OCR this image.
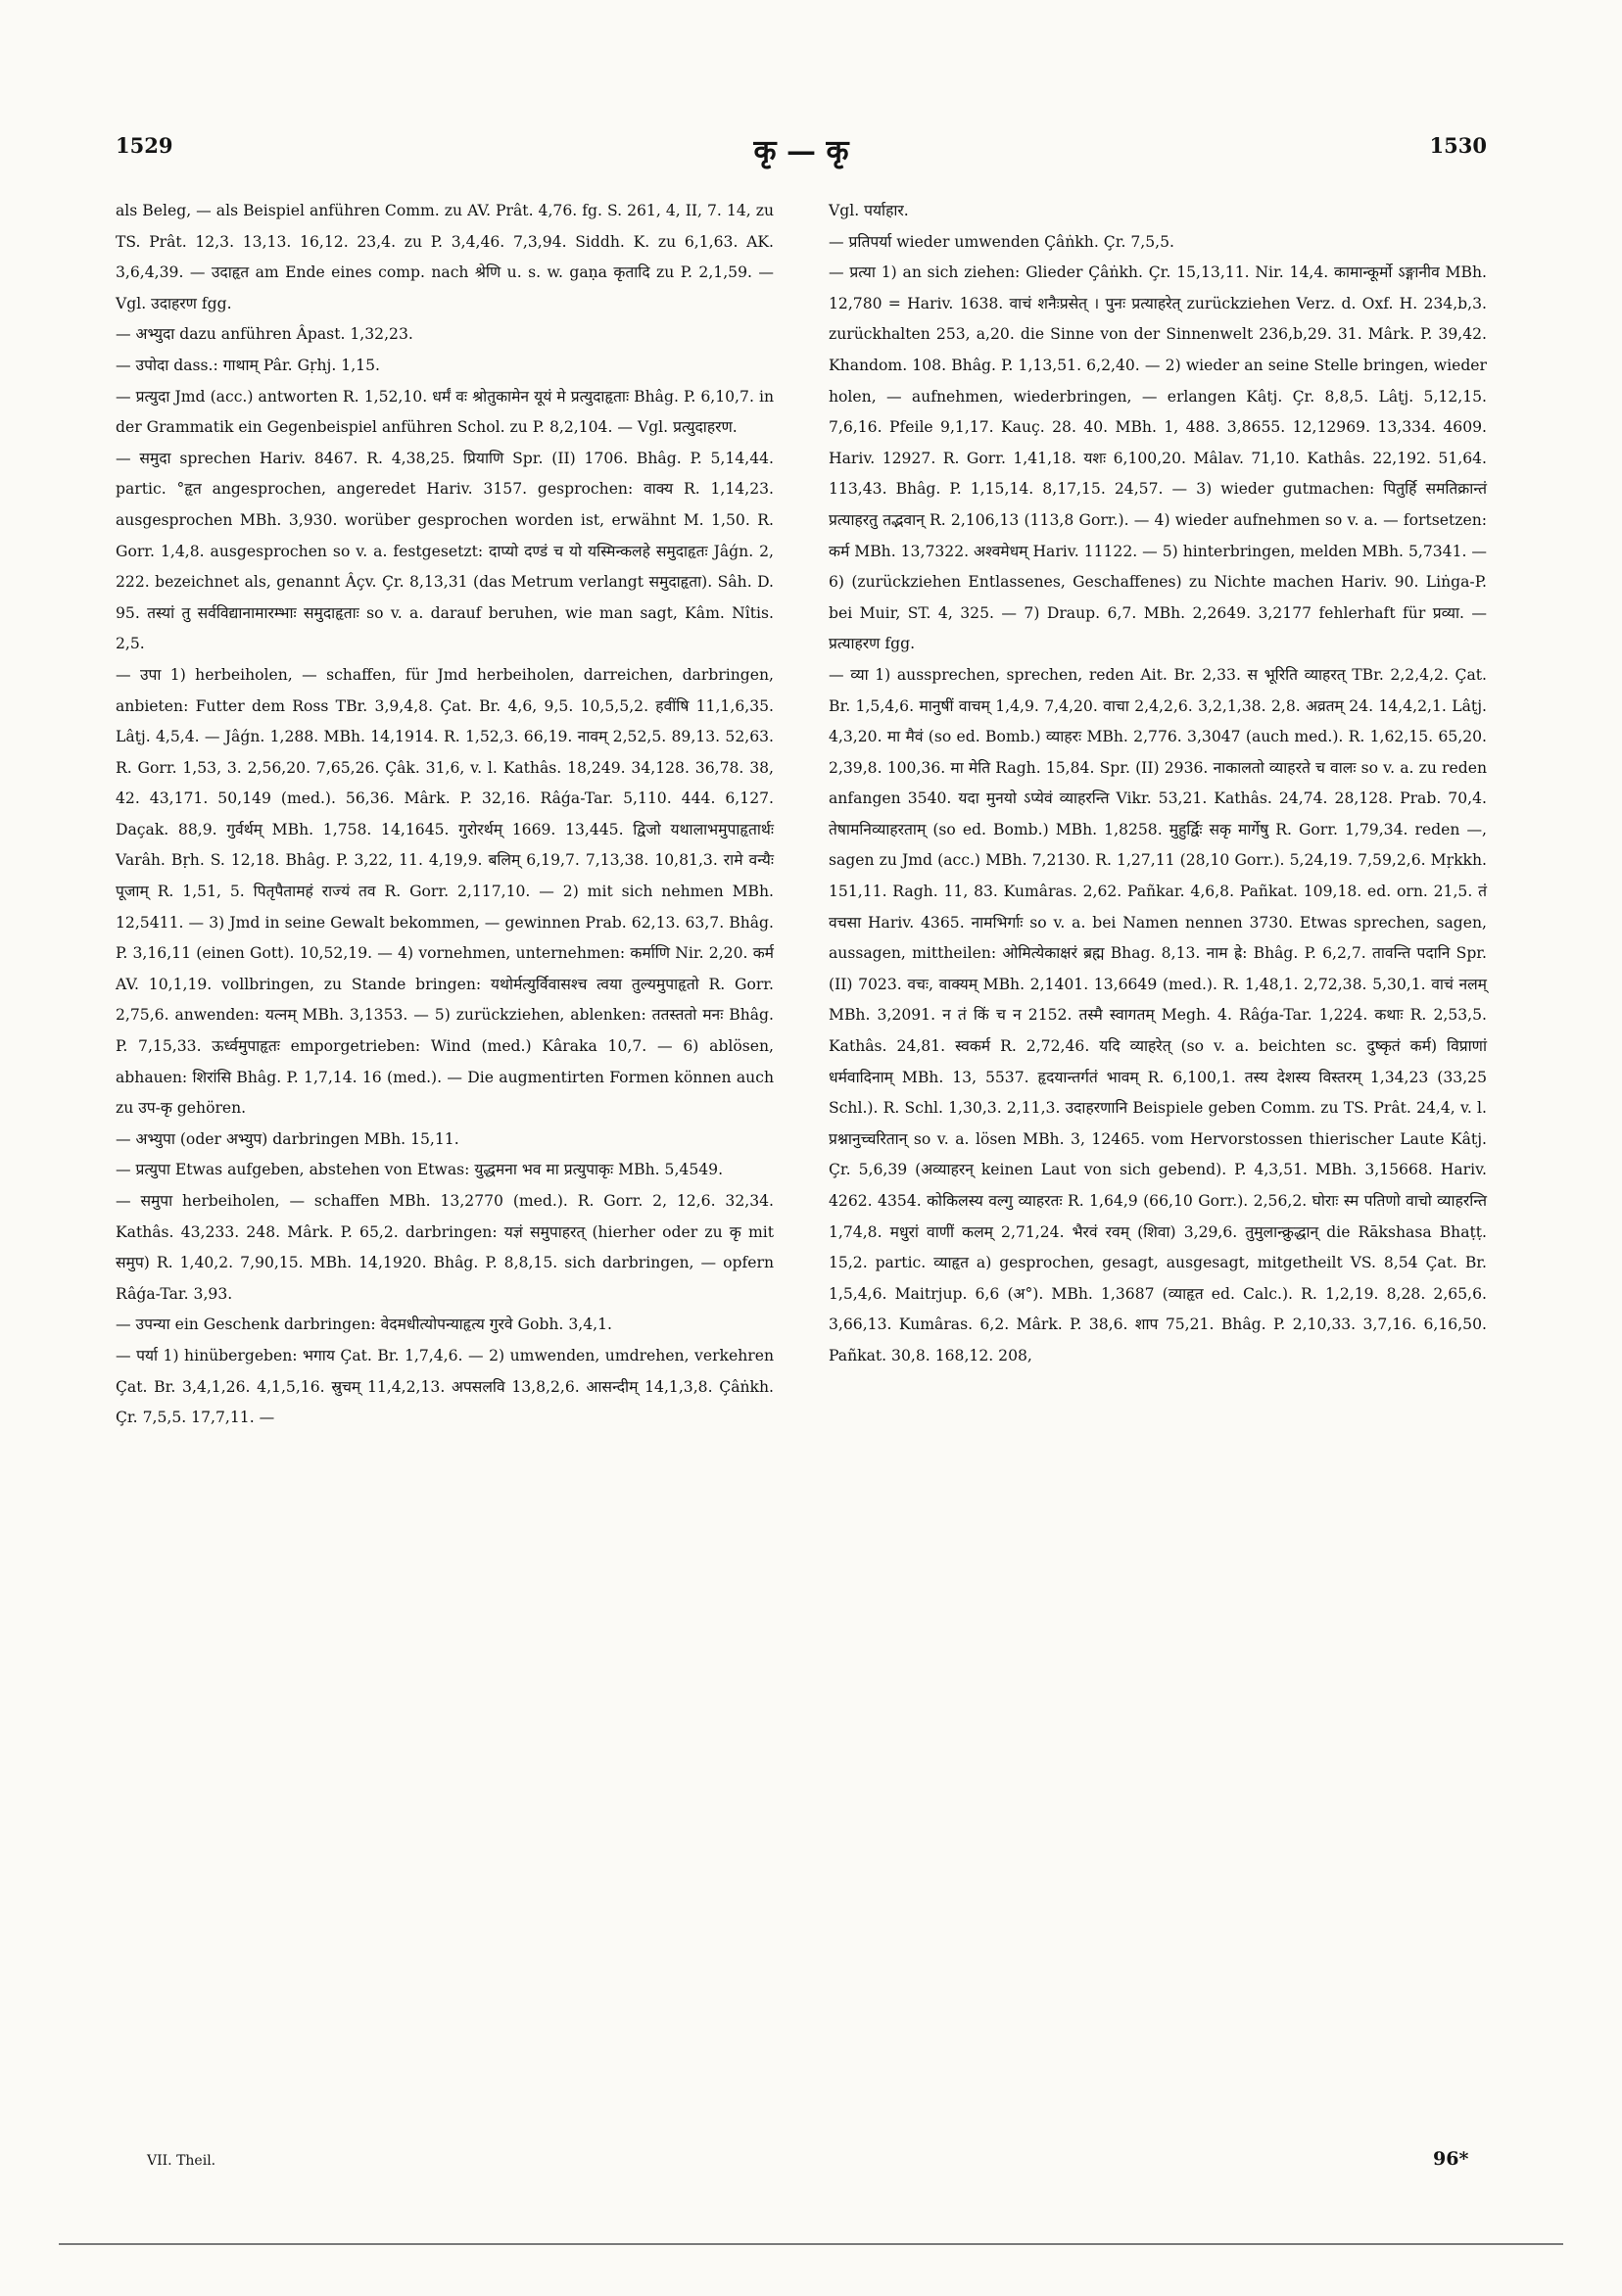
1529	कृ — कृ	1530

als Beleg, — als Beispiel anführen Comm. zu AV. Prât. 4,76. fg. S. 261, 4, II, 7. 14, zu TS. Prât. 12,3. 13,13. 16,12. 23,4. zu P. 3,4,46. 7,3,94. Siddh. K. zu 6,1,63. AK. 3,6,4,39. — उदाहृत am Ende eines comp. nach श्रेणि u. s. w. gaṇa कृतादि zu P. 2,1,59. — Vgl. उदाहरण fgg.

— अभ्युदा dazu anführen Âpast. 1,32,23.

— उपोदा dass.: गाथाम् Pâr. Gṛhj. 1,15.

— प्रत्युदा Jmd (acc.) antworten R. 1,52,10. धर्मं वः श्रोतुकामेन यूयं मे प्रत्युदाहृताः Bhâg. P. 6,10,7. in der Grammatik ein Gegenbeispiel anführen Schol. zu P. 8,2,104. — Vgl. प्रत्युदाहरण.

— समुदा sprechen Hariv. 8467. R. 4,38,25. प्रियाणि Spr. (II) 1706. Bhâg. P. 5,14,44. partic. °हृत angesprochen, angeredet Hariv. 3157. gesprochen: वाक्य R. 1,14,23. ausgesprochen MBh. 3,930. worüber gesprochen worden ist, erwähnt M. 1,50. R. Gorr. 1,4,8. ausgesprochen so v. a. festgesetzt: दाप्यो दण्डं च यो यस्मिन्कलहे समुदाहृतः Jâǵn. 2, 222. bezeichnet als, genannt Âçv. Çr. 8,13,31 (das Metrum verlangt समुदाहृता). Sâh. D. 95. तस्यां तु सर्वविद्यानामारम्भाः समुदाहृताः so v. a. darauf beruhen, wie man sagt, Kâm. Nîtis. 2,5.

— उपा 1) herbeiholen, — schaffen, für Jmd herbeiholen, darreichen, darbringen, anbieten: Futter dem Ross TBr. 3,9,4,8. Çat. Br. 4,6, 9,5. 10,5,5,2. हवींषि 11,1,6,35. Lâṭj. 4,5,4. — Jâǵn. 1,288. MBh. 14,1914. R. 1,52,3. 66,19. नावम् 2,52,5. 89,13. 52,63. R. Gorr. 1,53, 3. 2,56,20. 7,65,26. Çâk. 31,6, v. l. Kathâs. 18,249. 34,128. 36,78. 38, 42. 43,171. 50,149 (med.). 56,36. Mârk. P. 32,16. Râǵa-Tar. 5,110. 444. 6,127. Daçak. 88,9. गुर्वर्थम् MBh. 1,758. 14,1645. गुरोरर्थम् 1669. 13,445. द्विजो यथालाभमुपाहृतार्थः Varâh. Bṛh. S. 12,18. Bhâg. P. 3,22, 11. 4,19,9. बलिम् 6,19,7. 7,13,38. 10,81,3. रामे वन्यैः पूजाम् R. 1,51, 5. पितृपैतामहं राज्यं तव R. Gorr. 2,117,10. — 2) mit sich nehmen MBh. 12,5411. — 3) Jmd in seine Gewalt bekommen, — gewinnen Prab. 62,13. 63,7. Bhâg. P. 3,16,11 (einen Gott). 10,52,19. — 4) vornehmen, unternehmen: कर्माणि Nir. 2,20. कर्म AV. 10,1,19. vollbringen, zu Stande bringen: यथोर्मत्युर्विवासश्च त्वया तुल्यमुपाहृतो R. Gorr. 2,75,6. anwenden: यत्नम् MBh. 3,1353. — 5) zurückziehen, ablenken: ततस्ततो मनः Bhâg. P. 7,15,33. ऊर्ध्वमुपाहृतः emporgetrieben: Wind (med.) Kâraka 10,7. — 6) ablösen, abhauen: शिरांसि Bhâg. P. 1,7,14. 16 (med.). — Die augmentirten Formen können auch zu उप-कृ gehören.

— अभ्युपा (oder अभ्युप) darbringen MBh. 15,11.

— प्रत्युपा Etwas aufgeben, abstehen von Etwas: युद्धमना भव मा प्रत्युपाकृः MBh. 5,4549.

— समुपा herbeiholen, — schaffen MBh. 13,2770 (med.). R. Gorr. 2, 12,6. 32,34. Kathâs. 43,233. 248. Mârk. P. 65,2. darbringen: यज्ञं समुपाहरत् (hierher oder zu कृ mit समुप) R. 1,40,2. 7,90,15. MBh. 14,1920. Bhâg. P. 8,8,15. sich darbringen, — opfern Râǵa-Tar. 3,93.

— उपन्या ein Geschenk darbringen: वेदमधीत्योपन्याहृत्य गुरवे Gobh. 3,4,1.

— पर्या 1) hinübergeben: भगाय Çat. Br. 1,7,4,6. — 2) umwenden, umdrehen, verkehren Çat. Br. 3,4,1,26. 4,1,5,16. स्रुचम् 11,4,2,13. अपसलवि 13,8,2,6. आसन्दीम् 14,1,3,8. Çâṅkh. Çr. 7,5,5. 17,7,11. —

Vgl. पर्याहार.

— प्रतिपर्या wieder umwenden Çâṅkh. Çr. 7,5,5.

— प्रत्या 1) an sich ziehen: Glieder Çâṅkh. Çr. 15,13,11. Nir. 14,4. कामान्कूर्मो ऽङ्गानीव MBh. 12,780 = Hariv. 1638. वाचं शनैःप्रसेत् । पुनः प्रत्याहरेत् zurückziehen Verz. d. Oxf. H. 234,b,3. zurückhalten 253, a,20. die Sinne von der Sinnenwelt 236,b,29. 31. Mârk. P. 39,42. Khandom. 108. Bhâg. P. 1,13,51. 6,2,40. — 2) wieder an seine Stelle bringen, wieder holen, — aufnehmen, wiederbringen, — erlangen Kâtj. Çr. 8,8,5. Lâṭj. 5,12,15. 7,6,16. Pfeile 9,1,17. Kauç. 28. 40. MBh. 1, 488. 3,8655. 12,12969. 13,334. 4609. Hariv. 12927. R. Gorr. 1,41,18. यशः 6,100,20. Mâlav. 71,10. Kathâs. 22,192. 51,64. 113,43. Bhâg. P. 1,15,14. 8,17,15. 24,57. — 3) wieder gutmachen: पितुर्हि समतिक्रान्तं प्रत्याहरतु तद्भवान् R. 2,106,13 (113,8 Gorr.). — 4) wieder aufnehmen so v. a. — fortsetzen: कर्म MBh. 13,7322. अश्वमेधम् Hariv. 11122. — 5) hinterbringen, melden MBh. 5,7341. — 6) (zurückziehen Entlassenes, Geschaffenes) zu Nichte machen Hariv. 90. Liṅga-P. bei Muir, ST. 4, 325. — 7) Draup. 6,7. MBh. 2,2649. 3,2177 fehlerhaft für प्रव्या. — प्रत्याहरण fgg.

— व्या 1) aussprechen, sprechen, reden Ait. Br. 2,33. स भूरिति व्याहरत् TBr. 2,2,4,2. Çat. Br. 1,5,4,6. मानुषीं वाचम् 1,4,9. 7,4,20. वाचा 2,4,2,6. 3,2,1,38. 2,8. अव्रतम् 24. 14,4,2,1. Lâṭj. 4,3,20. मा मैवं (so ed. Bomb.) व्याहरः MBh. 2,776. 3,3047 (auch med.). R. 1,62,15. 65,20. 2,39,8. 100,36. मा मेति Ragh. 15,84. Spr. (II) 2936. नाकालतो व्याहरते च वालः so v. a. zu reden anfangen 3540. यदा मुनयो ऽप्येवं व्याहरन्ति Vikr. 53,21. Kathâs. 24,74. 28,128. Prab. 70,4. तेषामनिव्याहरताम् (so ed. Bomb.) MBh. 1,8258. मुहुर्द्विः सकृ मार्गेषु R. Gorr. 1,79,34. reden —, sagen zu Jmd (acc.) MBh. 7,2130. R. 1,27,11 (28,10 Gorr.). 5,24,19. 7,59,2,6. Mṛkkh. 151,11. Ragh. 11, 83. Kumâras. 2,62. Pañkar. 4,6,8. Pañkat. 109,18. ed. orn. 21,5. तं वचसा Hariv. 4365. नामभिर्गाः so v. a. bei Namen nennen 3730. Etwas sprechen, sagen, aussagen, mittheilen: ओमित्येकाक्षरं ब्रह्म Bhag. 8,13. नाम ह्रे: Bhâg. P. 6,2,7. तावन्ति पदानि Spr. (II) 7023. वचः, वाक्यम् MBh. 2,1401. 13,6649 (med.). R. 1,48,1. 2,72,38. 5,30,1. वाचं नलम् MBh. 3,2091. न तं किं च न 2152. तस्मै स्वागतम् Megh. 4. Râǵa-Tar. 1,224. कथाः R. 2,53,5. Kathâs. 24,81. स्वकर्म R. 2,72,46. यदि व्याहरेत् (so v. a. beichten sc. दुष्कृतं कर्म) विप्राणां धर्मवादिनाम् MBh. 13, 5537. हृदयान्तर्गतं भावम् R. 6,100,1. तस्य देशस्य विस्तरम् 1,34,23 (33,25 Schl.). R. Schl. 1,30,3. 2,11,3. उदाहरणानि Beispiele geben Comm. zu TS. Prât. 24,4, v. l. प्रश्नानुच्चरितान् so v. a. lösen MBh. 3, 12465. vom Hervorstossen thierischer Laute Kâtj. Çr. 5,6,39 (अव्याहरन् keinen Laut von sich gebend). P. 4,3,51. MBh. 3,15668. Hariv. 4262. 4354. कोकिलस्य वल्गु व्याहरतः R. 1,64,9 (66,10 Gorr.). 2,56,2. घोराः स्म पतिणो वाचो व्याहरन्ति 1,74,8. मधुरां वाणीं कलम् 2,71,24. भैरवं रवम् (शिवा) 3,29,6. तुमुलान्क्रुद्धान् die Rākshasa Bhaṭṭ. 15,2. partic. व्याहृत a) gesprochen, gesagt, ausgesagt, mitgetheilt VS. 8,54 Çat. Br. 1,5,4,6. Maitrjup. 6,6 (अ°). MBh. 1,3687 (व्याहृत ed. Calc.). R. 1,2,19. 8,28. 2,65,6. 3,66,13. Kumâras. 6,2. Mârk. P. 38,6. शाप 75,21. Bhâg. P. 2,10,33. 3,7,16. 6,16,50. Pañkat. 30,8. 168,12. 208,

VII. Theil.	96*
